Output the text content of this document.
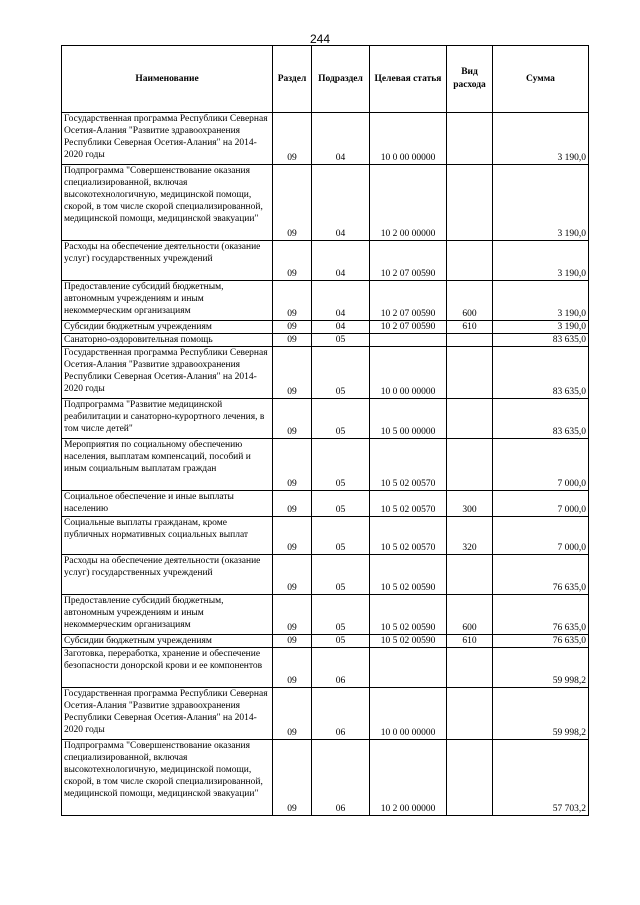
244
Наименование	Раздел	Подраздел	Целевая статья	Вид расхода	Сумма
Государственная программа Республики Северная Осетия-Алания "Развитие здравоохранения Республики Северная Осетия-Алания" на 2014-2020 годы	09	04	10 0 00 00000		3 190,0
Подпрограмма "Совершенствование оказания специализированной, включая высокотехнологичную, медицинской помощи, скорой, в том числе скорой специализированной, медицинской помощи, медицинской эвакуации"	09	04	10 2 00 00000		3 190,0
Расходы на обеспечение деятельности (оказание услуг) государственных учреждений	09	04	10 2 07 00590		3 190,0
Предоставление субсидий бюджетным, автономным учреждениям и иным некоммерческим организациям	09	04	10 2 07 00590	600	3 190,0
Субсидии бюджетным учреждениям	09	04	10 2 07 00590	610	3 190,0
Санаторно-оздоровительная помощь	09	05			83 635,0
Государственная программа Республики Северная Осетия-Алания "Развитие здравоохранения Республики Северная Осетия-Алания" на 2014-2020 годы	09	05	10 0 00 00000		83 635,0
Подпрограмма "Развитие медицинской реабилитации и санаторно-курортного лечения, в том числе детей"	09	05	10 5 00 00000		83 635,0
Мероприятия по социальному обеспечению населения, выплатам компенсаций, пособий и иным социальным выплатам граждан	09	05	10 5 02 00570		7 000,0
Социальное обеспечение и иные выплаты населению	09	05	10 5 02 00570	300	7 000,0
Социальные выплаты гражданам, кроме публичных нормативных социальных выплат	09	05	10 5 02 00570	320	7 000,0
Расходы на обеспечение деятельности (оказание услуг) государственных учреждений	09	05	10 5 02 00590		76 635,0
Предоставление субсидий бюджетным, автономным учреждениям и иным некоммерческим организациям	09	05	10 5 02 00590	600	76 635,0
Субсидии бюджетным учреждениям	09	05	10 5 02 00590	610	76 635,0
Заготовка, переработка, хранение и обеспечение безопасности донорской крови и ее компонентов	09	06			59 998,2
Государственная программа Республики Северная Осетия-Алания "Развитие здравоохранения Республики Северная Осетия-Алания" на 2014-2020 годы	09	06	10 0 00 00000		59 998,2
Подпрограмма "Совершенствование оказания специализированной, включая высокотехнологичную, медицинской помощи, скорой, в том числе скорой специализированной, медицинской помощи, медицинской эвакуации"	09	06	10 2 00 00000		57 703,2
